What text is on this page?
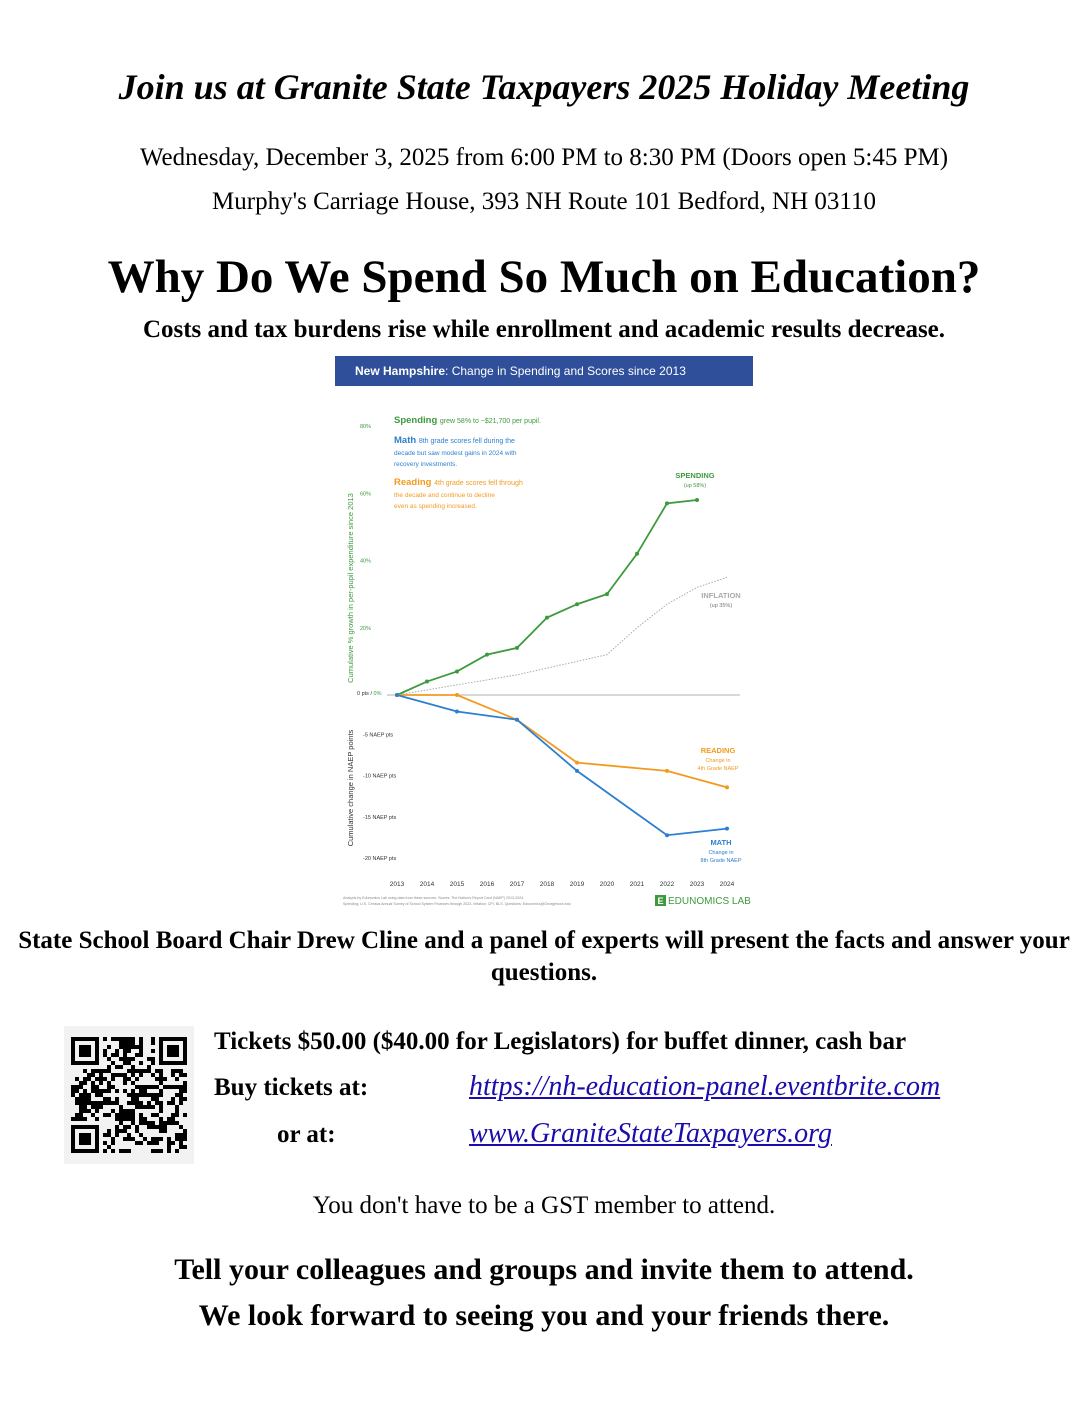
Join us at Granite State Taxpayers 2025 Holiday Meeting
Wednesday, December 3, 2025 from 6:00 PM to 8:30 PM (Doors open 5:45 PM)
Murphy's Carriage House, 393 NH Route 101 Bedford, NH 03110
Why Do We Spend So Much on Education?
Costs and tax burdens rise while enrollment and academic results decrease.
New Hampshire: Change in Spending and Scores since 2013
80%
60%
40%
20%
-5 NAEP pts
-10 NAEP pts
-15 NAEP pts
-20 NAEP pts
0 pts / 0%
Cumulative % growth in per-pupil expenditure since 2013
Cumulative change in NAEP points
Spending grew 58% to ~$21,700 per pupil.
Math 8th grade scores fell during the
decade but saw modest gains in 2024 with
recovery investments.
Reading 4th grade scores fell through
the decade and continue to decline
even as spending increased.
SPENDING
(up 58%)
INFLATION
(up 35%)
READING
Change in
4th Grade NAEP
MATH
Change in
8th Grade NAEP
2013 2014 2015 2016 2017 2018 2019 2020 2021 2022 2023 2024
Analysis by Edunomics Lab using data from these sources: Scores: The Nation's Report Card (NAEP) 2013-2024.
Spending: U.S. Census Annual Survey of School System Finances through 2023. Inflation: CPI, BLS. Questions: Edunomics@Georgetown.edu	E EDUNOMICS LAB
State School Board Chair Drew Cline and a panel of experts will present the facts and answer your questions.
Tickets $50.00 ($40.00 for Legislators) for buffet dinner, cash bar
Buy tickets at:	https://nh-education-panel.eventbrite.com
or at:	www.GraniteStateTaxpayers.org
You don't have to be a GST member to attend.
Tell your colleagues and groups and invite them to attend.
We look forward to seeing you and your friends there.
